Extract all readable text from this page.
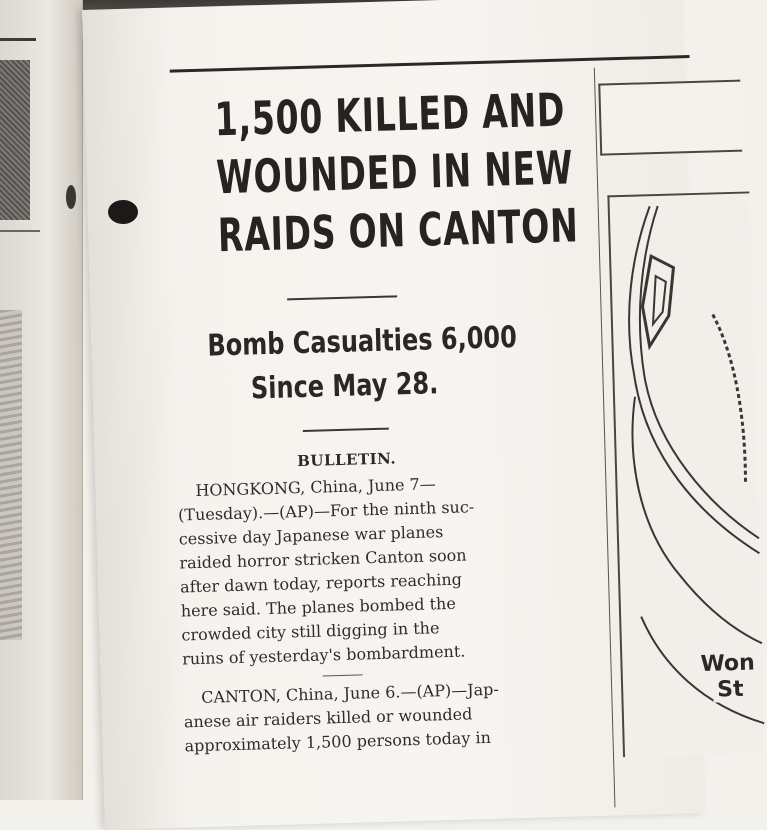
1,500 KILLED AND
WOUNDED IN NEW
RAIDS ON CANTON
Bomb Casualties 6,000
Since May 28.
BULLETIN.

HONGKONG, China, June 7—
(Tuesday).—(AP)—For the ninth suc-
cessive day Japanese war planes
raided horror stricken Canton soon
after dawn today, reports reaching
here said. The planes bombed the
crowded city still digging in the
ruins of yesterday's bombardment.

CANTON, China, June 6.—(AP)—Jap-
anese air raiders killed or wounded
approximately 1,500 persons today in

Won
St
